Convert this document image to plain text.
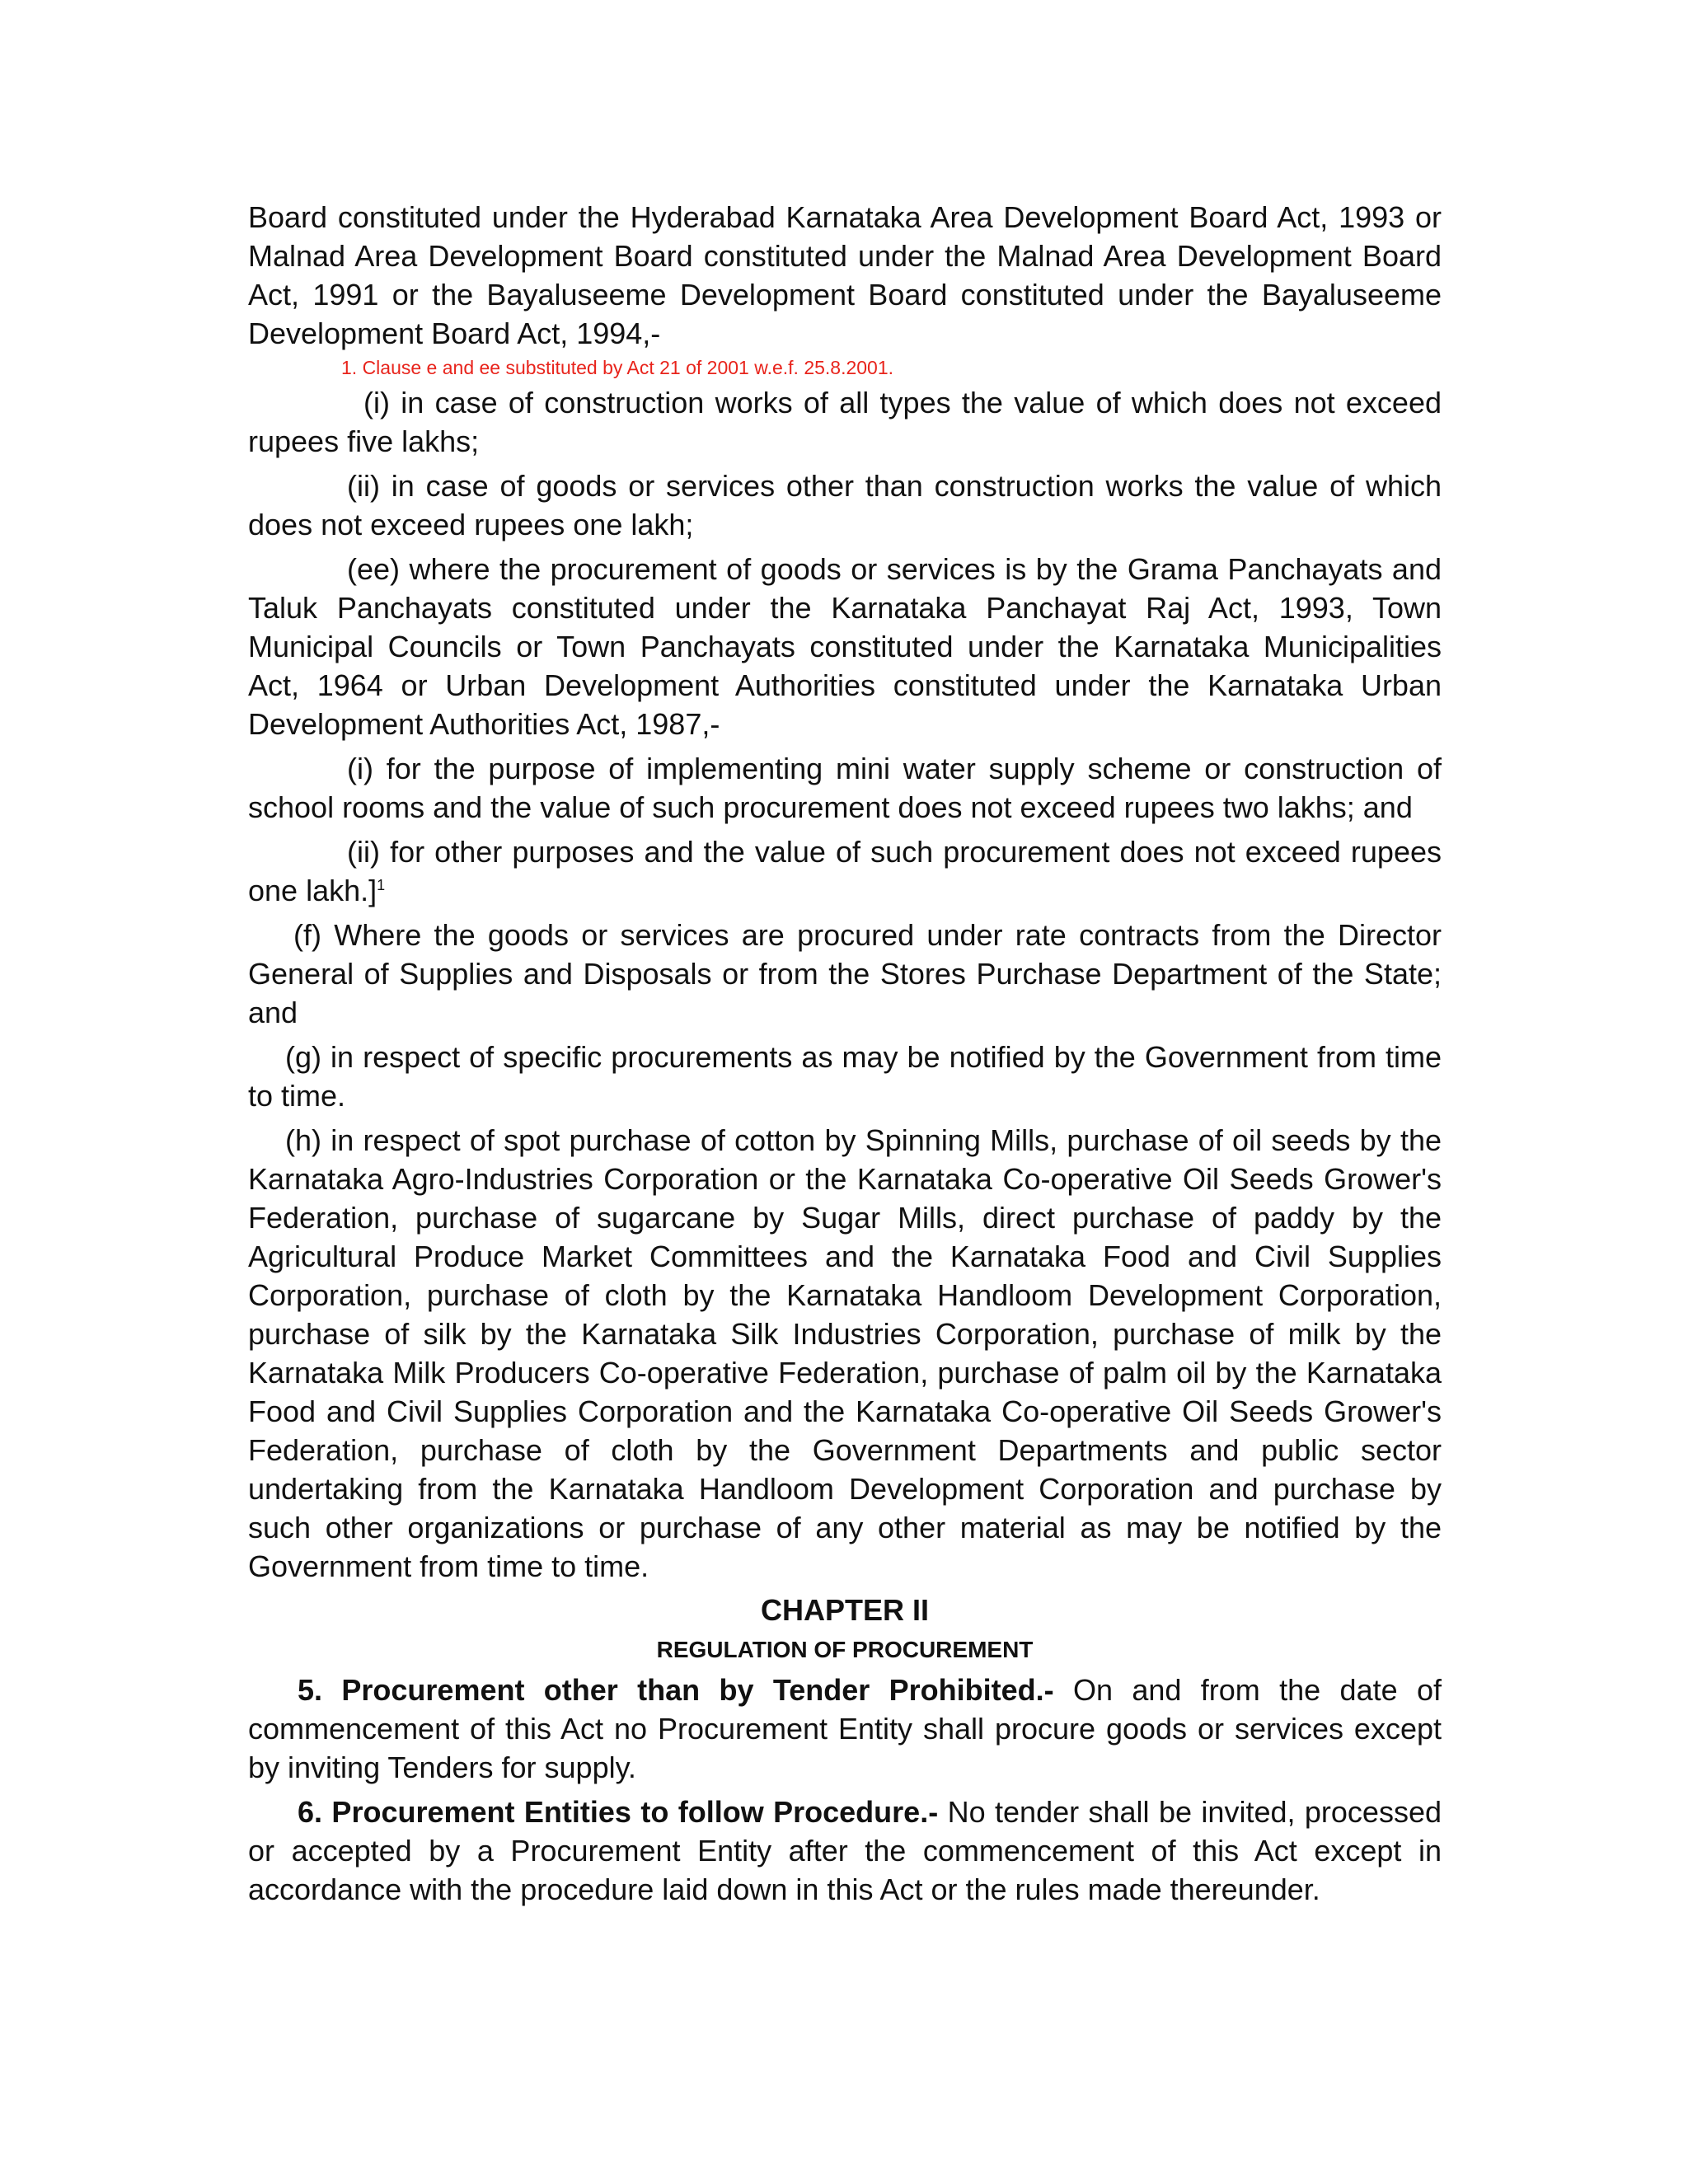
Board constituted under the Hyderabad Karnataka Area Development Board Act, 1993 or Malnad Area Development Board constituted under the Malnad Area Development Board Act, 1991 or the Bayaluseeme Development Board constituted under the Bayaluseeme Development Board Act, 1994,-

1. Clause e and ee substituted by Act 21 of 2001 w.e.f. 25.8.2001.

(i) in case of construction works of all types the value of which does not exceed rupees five lakhs;

(ii) in case of goods or services other than construction works the value of which does not exceed rupees one lakh;

(ee) where the procurement of goods or services is by the Grama Panchayats and Taluk Panchayats constituted under the Karnataka Panchayat Raj Act, 1993, Town Municipal Councils or Town Panchayats constituted under the Karnataka Municipalities Act, 1964 or Urban Development Authorities constituted under the Karnataka Urban Development Authorities Act, 1987,-

(i) for the purpose of implementing mini water supply scheme or construction of school rooms and the value of such procurement does not exceed rupees two lakhs; and

(ii) for other purposes and the value of such procurement does not exceed rupees one lakh.]$^1$

(f) Where the goods or services are procured under rate contracts from the Director General of Supplies and Disposals or from the Stores Purchase Department of the State; and

(g) in respect of specific procurements as may be notified by the Government from time to time.

(h) in respect of spot purchase of cotton by Spinning Mills, purchase of oil seeds by the Karnataka Agro-Industries Corporation or the Karnataka Co-operative Oil Seeds Grower's Federation, purchase of sugarcane by Sugar Mills, direct purchase of paddy by the Agricultural Produce Market Committees and the Karnataka Food and Civil Supplies Corporation, purchase of cloth by the Karnataka Handloom Development Corporation, purchase of silk by the Karnataka Silk Industries Corporation, purchase of milk by the Karnataka Milk Producers Co-operative Federation, purchase of palm oil by the Karnataka Food and Civil Supplies Corporation and the Karnataka Co-operative Oil Seeds Grower's Federation, purchase of cloth by the Government Departments and public sector undertaking from the Karnataka Handloom Development Corporation and purchase by such other organizations or purchase of any other material as may be notified by the Government from time to time.

CHAPTER II
REGULATION OF PROCUREMENT

5. Procurement other than by Tender Prohibited.- On and from the date of commencement of this Act no Procurement Entity shall procure goods or services except by inviting Tenders for supply.

6. Procurement Entities to follow Procedure.- No tender shall be invited, processed or accepted by a Procurement Entity after the commencement of this Act except in accordance with the procedure laid down in this Act or the rules made thereunder.
